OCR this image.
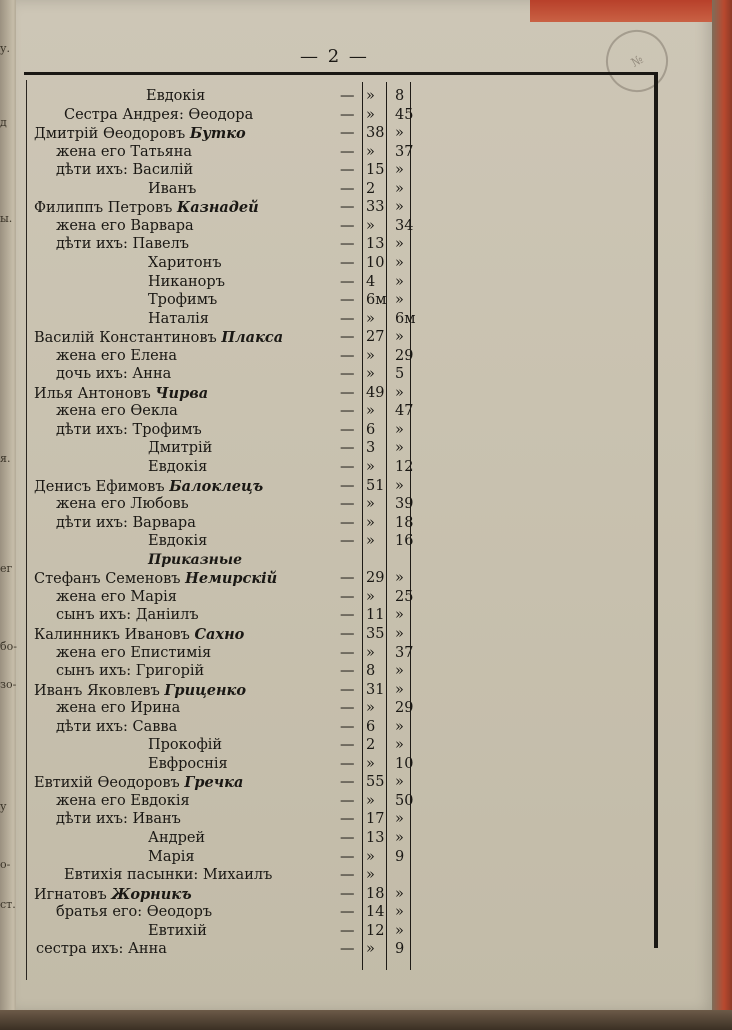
— 2 —	№
Евдокія	— » 8
Сестра Андрея: Ѳеодора	— » 45
Дмитрій Ѳеодоровъ Бутко	— 38 »
жена его Татьяна	— » 37
дѣти ихъ: Василій	— 15 »
Иванъ	— 2 »
Филиппъ Петровъ Казнадей	— 33 »
жена его Варвара	— » 34
дѣти ихъ: Павелъ	— 13 »
Харитонъ	— 10 »
Никаноръ	— 4 »
Трофимъ	— 6м »
Наталія	— » 6м
Василій Константиновъ Плакса	— 27 »
жена его Елена	— » 29
дочь ихъ: Анна	— » 5
Илья Антоновъ Чирва	— 49 »
жена его Ѳекла	— » 47
дѣти ихъ: Трофимъ	— 6 »
Дмитрій	— 3 »
Евдокія	— » 12
Денисъ Ефимовъ Балоклецъ	— 51 »
жена его Любовь	— » 39
дѣти ихъ: Варвара	— » 18
Евдокія	— » 16
Приказные
Стефанъ Семеновъ Немирскій	— 29 »
жена его Марія	— » 25
сынъ ихъ: Даніилъ	— 11 »
Калинникъ Ивановъ Сахно	— 35 »
жена его Епистимія	— » 37
сынъ ихъ: Григорій	— 8 »
Иванъ Яковлевъ Гриценко	— 31 »
жена его Ирина	— » 29
дѣти ихъ: Савва	— 6 »
Прокофій	— 2 »
Евфроснія	— » 10
Евтихій Ѳеодоровъ Гречка	— 55 »
жена его Евдокія	— » 50
дѣти ихъ: Иванъ	— 17 »
Андрей	— 13 »
Марія	— » 9
Евтихія пасынки: Михаилъ	— »
Игнатовъ Жорникъ	— 18 »
братья его: Ѳеодоръ	— 14 »
Евтихій	— 12 »
сестра ихъ: Анна	— » 9
у.
д
ы.
я.
ег
бо-
зо-
у
о-
ст.
